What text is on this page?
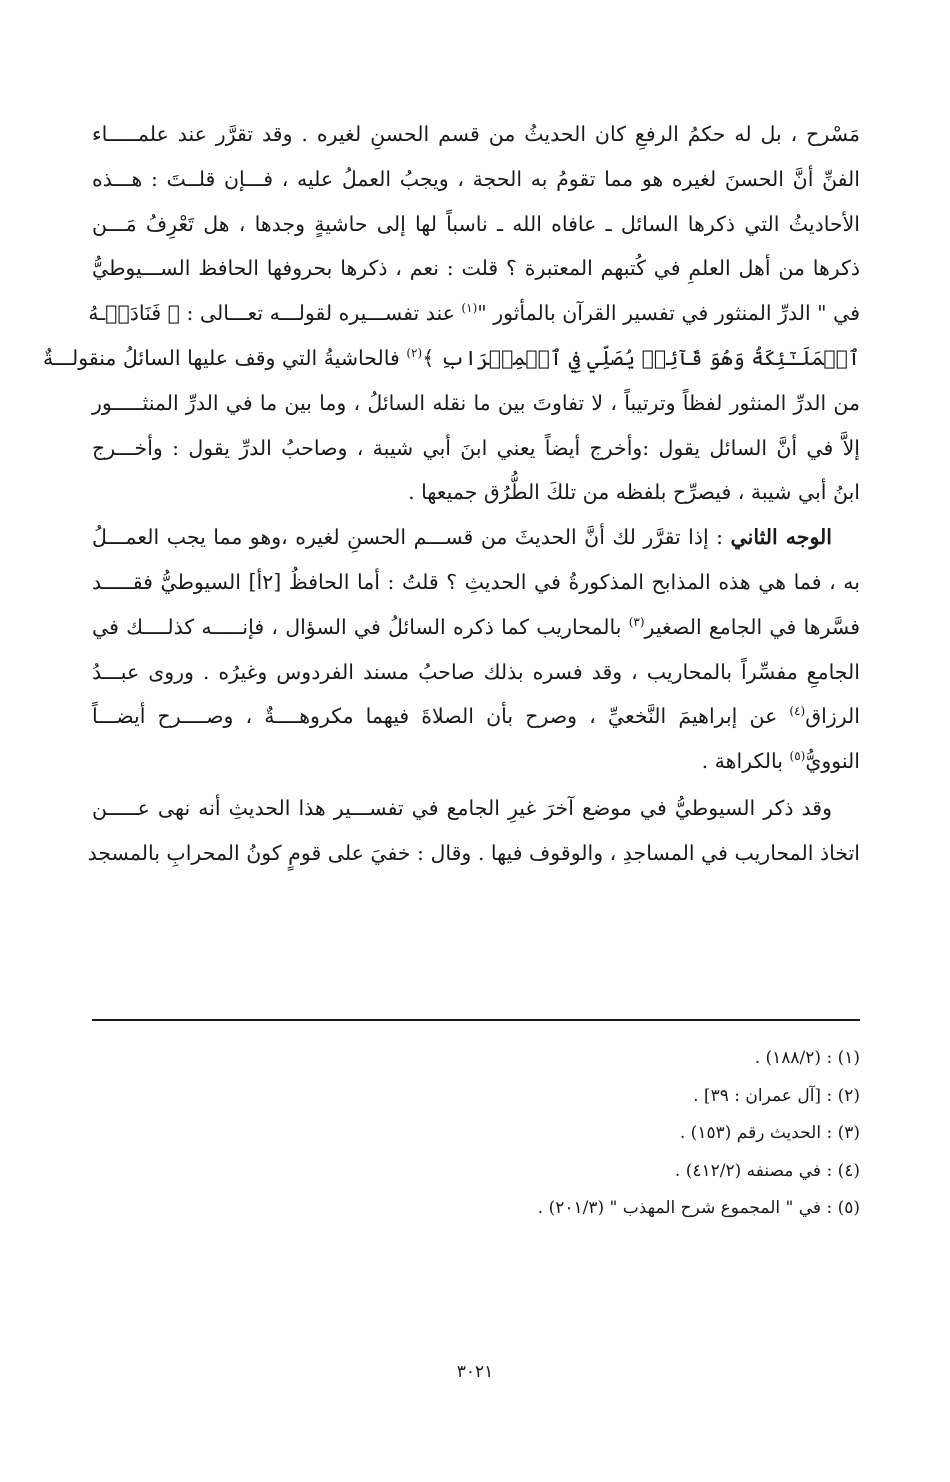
مَسْرح ، بل له حكمُ الرفعِ كان الحديثُ من قسم الحسنِ لغيره . وقد تقرَّر عند علمـــــاء
الفنِّ أنَّ الحسنَ لغيره هو مما تقومُ به الحجة ، ويجبُ العملُ عليه ، فـــإن قلــتَ : هـــذه
الأحاديثُ التي ذكرها السائل ـ عافاه الله ـ ناسباً لها إلى حاشيةٍ وجدها ، هل تَعْرِفُ مَـــن
ذكرها من أهل العلمِ في كُتبهم المعتبرة ؟ قلت : نعم ، ذكرها بحروفها الحافظ الســـيوطيُّ
في " الدرِّ المنثور في تفسير القرآن بالمأثور "$^{(١)}$ عند تفســـيره لقولـــه تعـــالى : ﴿ فَنَادَتۡـهُ
ٱلۡمَلَـٰٓئِكَةُ وَهُوَ قَآئِمٞ يُصَلِّي فِي ٱلۡمِحۡرَابِ ﴾$^{(٢)}$ فالحاشيةُ التي وقف عليها السائلُ منقولـــةٌ
من الدرِّ المنثور لفظاً وترتيباً ، لا تفاوتَ بين ما نقله السائلُ ، وما بين ما في الدرِّ المنثـــــور
إلاَّ في أنَّ السائل يقول :وأخرج أيضاً يعني ابنَ أبي شيبة ، وصاحبُ الدرِّ يقول : وأخـــرج
ابنُ أبي شيبة ، فيصرِّح بلفظه من تلكَ الطُّرُق جميعها .
الوجه الثاني : إذا تقرَّر لك أنَّ الحديثَ من قســـم الحسنِ لغيره ،وهو مما يجب العمـــلُ
به ، فما هي هذه المذابح المذكورةُ في الحديثِ ؟ قلتُ : أما الحافظُ [٢أ] السيوطيُّ فقـــــد
فسَّرها في الجامع الصغير$^{(٣)}$ بالمحاريب كما ذكره السائلُ في السؤال ، فإنـــــه كذلــــك في
الجامعِ مفسِّراً بالمحاريب ، وقد فسره بذلك صاحبُ مسند الفردوس وغيرُه . وروى عبـــدُ
الرزاق$^{(٤)}$ عن إبراهيمَ النَّخعيِّ ، وصرح بأن الصلاةَ فيهما مكروهــــةٌ ، وصــــرح أيضـــاً
النوويُّ$^{(٥)}$ بالكراهة .
وقد ذكر السيوطيُّ في موضع آخرَ غيرِ الجامع في تفســـير هذا الحديثِ أنه نهى عـــــن
اتخاذ المحاريب في المساجدِ ، والوقوف فيها . وقال : خفيَ على قومٍ كونُ المحرابِ بالمسجد
(١) : (١٨٨/٢) .
(٢) : [آل عمران : ٣٩] .
(٣) : الحديث رقم (١٥٣) .
(٤) : في مصنفه (٤١٢/٢) .
(٥) : في " المجموع شرح المهذب " (٢٠١/٣) .
٣٠٢١
